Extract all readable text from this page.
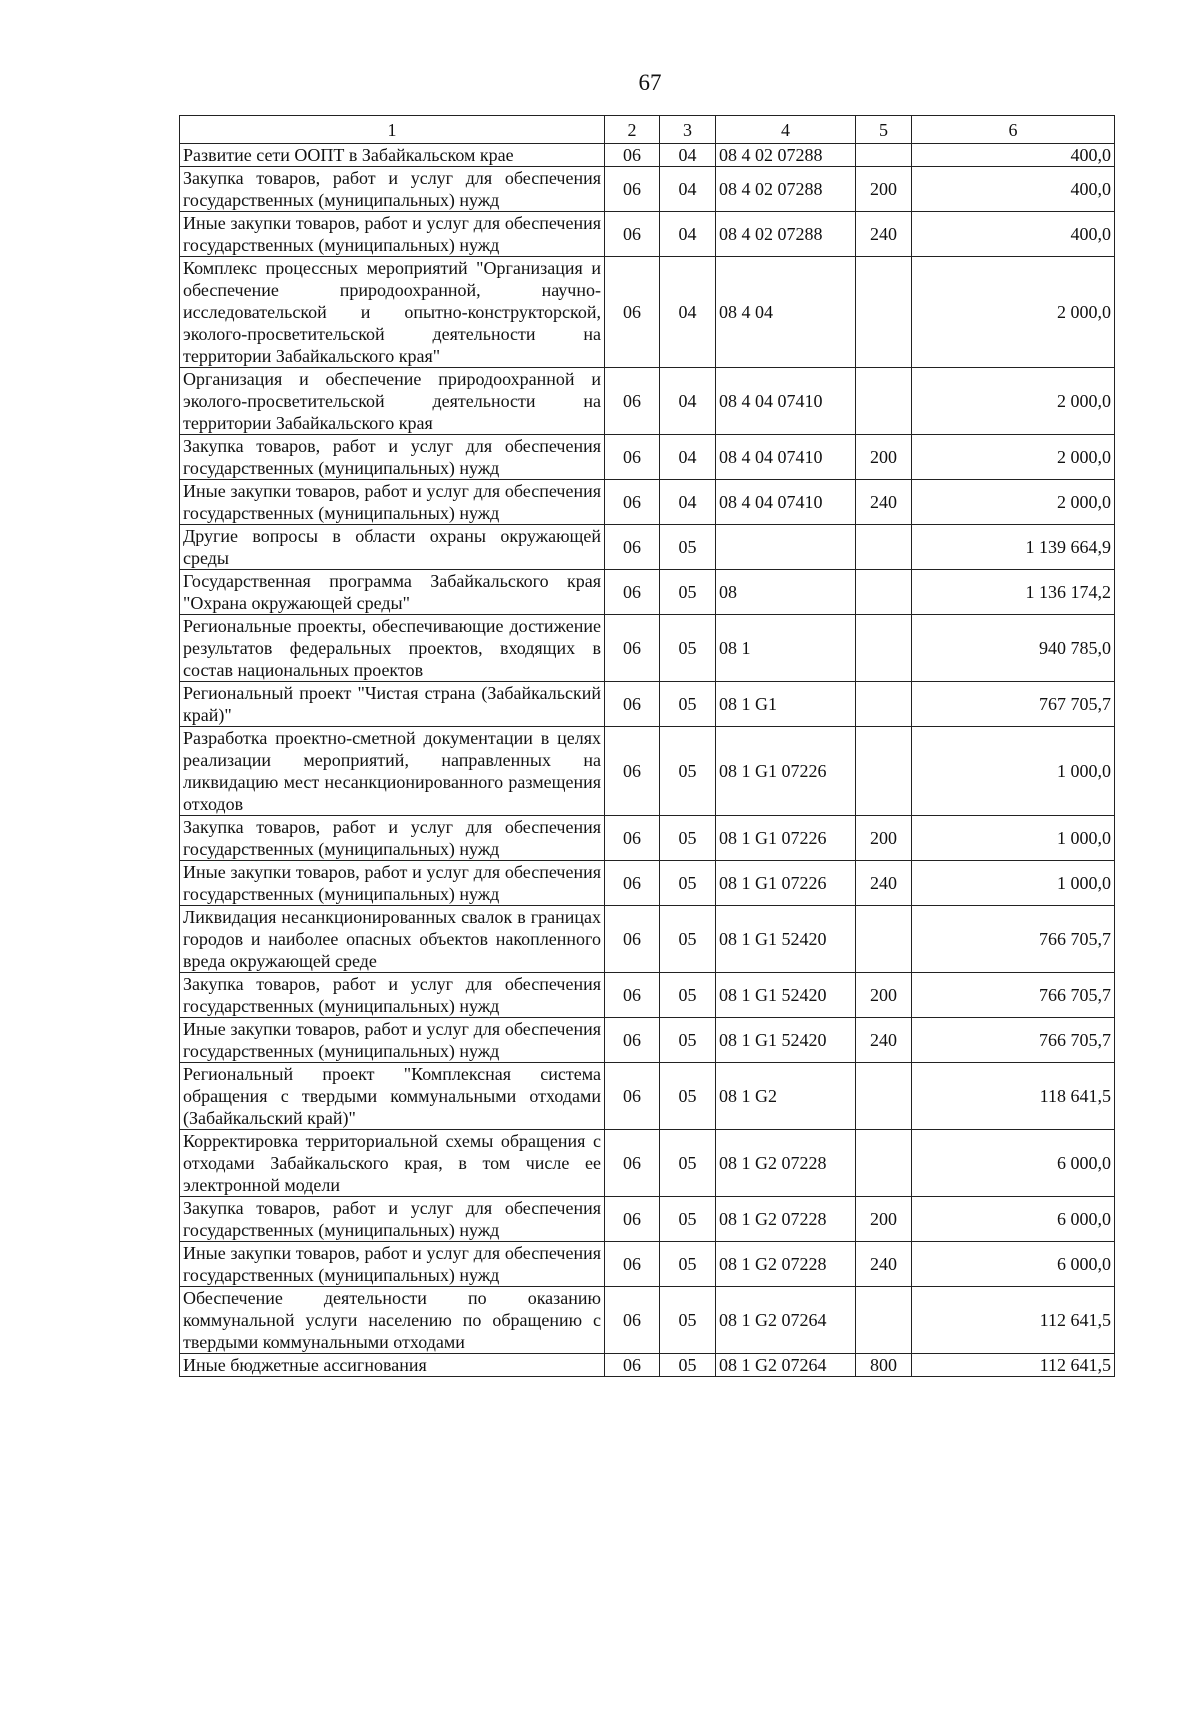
67
1	2	3	4	5	6
Развитие сети ООПТ в Забайкальском крае	06	04	08 4 02 07288		400,0
Закупка товаров, работ и услуг для обеспечения государственных (муниципальных) нужд	06	04	08 4 02 07288	200	400,0
Иные закупки товаров, работ и услуг для обеспечения государственных (муниципальных) нужд	06	04	08 4 02 07288	240	400,0
Комплекс процессных мероприятий "Организация и обеспечение природоохранной, научно-исследовательской и опытно-конструкторской, эколого-просветительской деятельности на территории Забайкальского края"	06	04	08 4 04		2 000,0
Организация и обеспечение природоохранной и эколого-просветительской деятельности на территории Забайкальского края	06	04	08 4 04 07410		2 000,0
Закупка товаров, работ и услуг для обеспечения государственных (муниципальных) нужд	06	04	08 4 04 07410	200	2 000,0
Иные закупки товаров, работ и услуг для обеспечения государственных (муниципальных) нужд	06	04	08 4 04 07410	240	2 000,0
Другие вопросы в области охраны окружающей среды	06	05			1 139 664,9
Государственная программа Забайкальского края "Охрана окружающей среды"	06	05	08		1 136 174,2
Региональные проекты, обеспечивающие достижение результатов федеральных проектов, входящих в состав национальных проектов	06	05	08 1		940 785,0
Региональный проект "Чистая страна (Забайкальский край)"	06	05	08 1 G1		767 705,7
Разработка проектно-сметной документации в целях реализации мероприятий, направленных на ликвидацию мест несанкционированного размещения отходов	06	05	08 1 G1 07226		1 000,0
Закупка товаров, работ и услуг для обеспечения государственных (муниципальных) нужд	06	05	08 1 G1 07226	200	1 000,0
Иные закупки товаров, работ и услуг для обеспечения государственных (муниципальных) нужд	06	05	08 1 G1 07226	240	1 000,0
Ликвидация несанкционированных свалок в границах городов и наиболее опасных объектов накопленного вреда окружающей среде	06	05	08 1 G1 52420		766 705,7
Закупка товаров, работ и услуг для обеспечения государственных (муниципальных) нужд	06	05	08 1 G1 52420	200	766 705,7
Иные закупки товаров, работ и услуг для обеспечения государственных (муниципальных) нужд	06	05	08 1 G1 52420	240	766 705,7
Региональный проект "Комплексная система обращения с твердыми коммунальными отходами (Забайкальский край)"	06	05	08 1 G2		118 641,5
Корректировка территориальной схемы обращения с отходами Забайкальского края, в том числе ее электронной модели	06	05	08 1 G2 07228		6 000,0
Закупка товаров, работ и услуг для обеспечения государственных (муниципальных) нужд	06	05	08 1 G2 07228	200	6 000,0
Иные закупки товаров, работ и услуг для обеспечения государственных (муниципальных) нужд	06	05	08 1 G2 07228	240	6 000,0
Обеспечение деятельности по оказанию коммунальной услуги населению по обращению с твердыми коммунальными отходами	06	05	08 1 G2 07264		112 641,5
Иные бюджетные ассигнования	06	05	08 1 G2 07264	800	112 641,5
